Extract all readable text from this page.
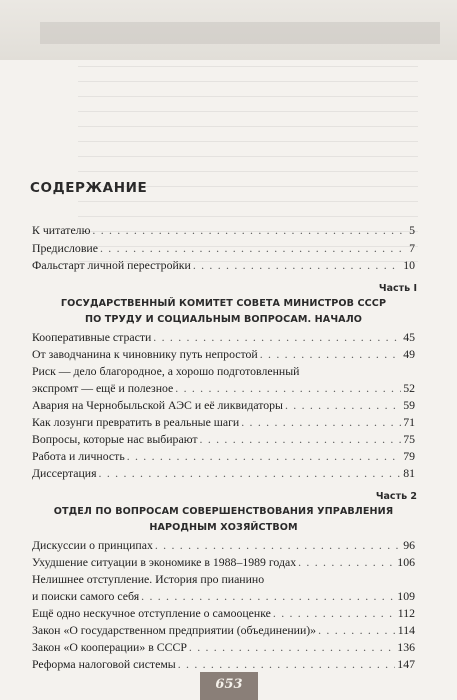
СОДЕРЖАНИЕ
К читателю . . .	5
Предисловие . . .	7
Фальстарт личной перестройки . . .	10
Часть I
ГОСУДАРСТВЕННЫЙ КОМИТЕТ СОВЕТА МИНИСТРОВ СССР
ПО ТРУДУ И СОЦИАЛЬНЫМ ВОПРОСАМ. НАЧАЛО
Кооперативные страсти . . .	45
От заводчанина к чиновнику путь непростой . . .	49
Риск — дело благородное, а хорошо подготовленный
экспромт — ещё и полезное . . .	52
Авария на Чернобыльской АЭС и её ликвидаторы . . .	59
Как лозунги превратить в реальные шаги . . .	71
Вопросы, которые нас выбирают . . .	75
Работа и личность . . .	79
Диссертация . . .	81
Часть 2
ОТДЕЛ ПО ВОПРОСАМ СОВЕРШЕНСТВОВАНИЯ УПРАВЛЕНИЯ
НАРОДНЫМ ХОЗЯЙСТВОМ
Дискуссии о принципах . . .	96
Ухудшение ситуации в экономике в 1988–1989 годах . . .	106
Нелишнее отступление. История про пианино
и поиски самого себя . . .	109
Ещё одно нескучное отступление о самооценке . . .	112
Закон «О государственном предприятии (объединении)» . . .	114
Закон «О кооперации» в СССР . . .	136
Реформа налоговой системы . . .	147
653
